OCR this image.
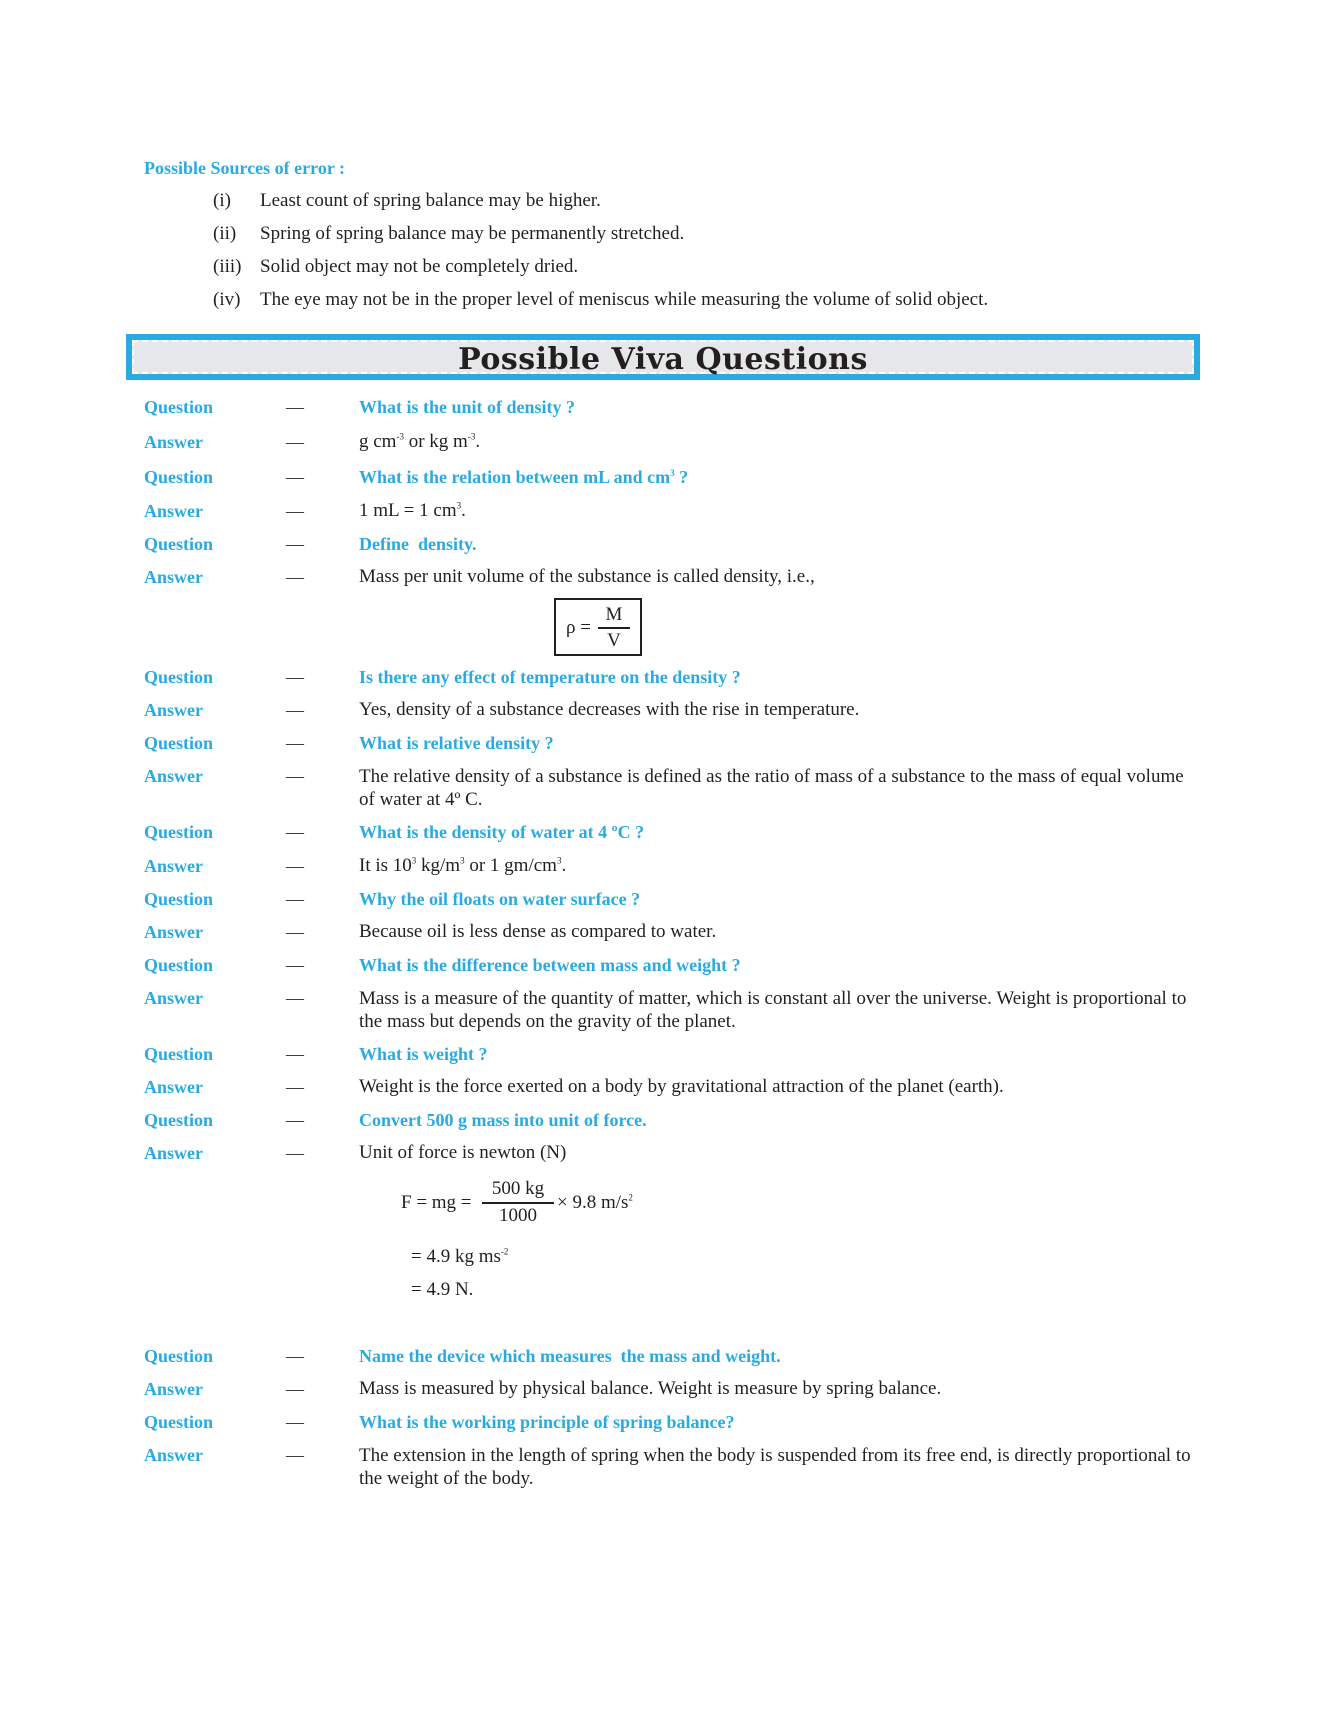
Possible Sources of error :
(i) Least count of spring balance may be higher.
(ii) Spring of spring balance may be permanently stretched.
(iii) Solid object may not be completely dried.
(iv) The eye may not be in the proper level of meniscus while measuring the volume of solid object.
Possible Viva Questions
Question	—	What is the unit of density ?
Answer	—	g $cm^{-3}$ or kg $m^{-3}$.
Question	—	What is the relation between mL and $cm^3$ ?
Answer	—	1 mL = 1 $cm^3$.
Question	—	Define  density.
Answer	—	Mass per unit volume of the substance is called density, i.e.,
ρ =
M
V
Question	—	Is there any effect of temperature on the density ?
Answer	—	Yes, density of a substance decreases with the rise in temperature.
Question	—	What is relative density ?
Answer	—	The relative density of a substance is defined as the ratio of mass of a substance to the mass of equal volume of water at 4º C.
Question	—	What is the density of water at 4 ºC ?
Answer	—	It is $10^3$ $kg/m^3$ or 1 $gm/cm^3$.
Question	—	Why the oil floats on water surface ?
Answer	—	Because oil is less dense as compared to water.
Question	—	What is the difference between mass and weight ?
Answer	—	Mass is a measure of the quantity of matter, which is constant all over the universe. Weight is proportional to the mass but depends on the gravity of the planet.
Question	—	What is weight ?
Answer	—	Weight is the force exerted on a body by gravitational attraction of the planet (earth).
Question	—	Convert 500 g mass into unit of force.
Answer	—	Unit of force is newton (N)
F = mg =
500 kg
1000
× 9.8 $m/s^2$
= 4.9 kg $ms^{-2}$
= 4.9 N.
Question	—	Name the device which measures  the mass and weight.
Answer	—	Mass is measured by physical balance. Weight is measure by spring balance.
Question	—	What is the working principle of spring balance?
Answer	—	The extension in the length of spring when the body is suspended from its free end, is directly proportional to the weight of the body.
